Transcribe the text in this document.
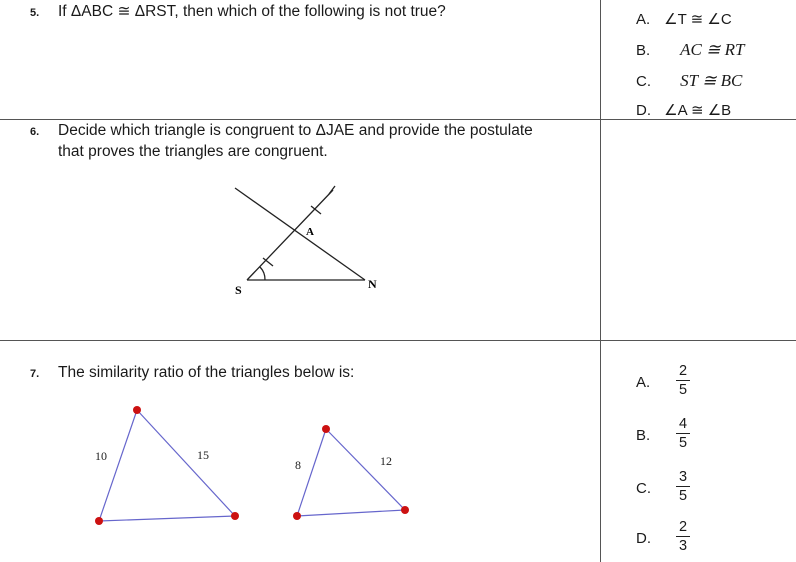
5. If ΔABC ≅ ΔRST, then which of the following is not true?	A. ∠T ≅ ∠C
B. AC ≅ RT
C. ST ≅ BC
D. ∠A ≅ ∠B
6. Decide which triangle is congruent to ΔJAE and provide the postulate
that proves the triangles are congruent.
S
A
N
7. The similarity ratio of the triangles below is:
10	15
8	12
A.
2
5
B.
4
5
C.
3
5
D.
2
3
